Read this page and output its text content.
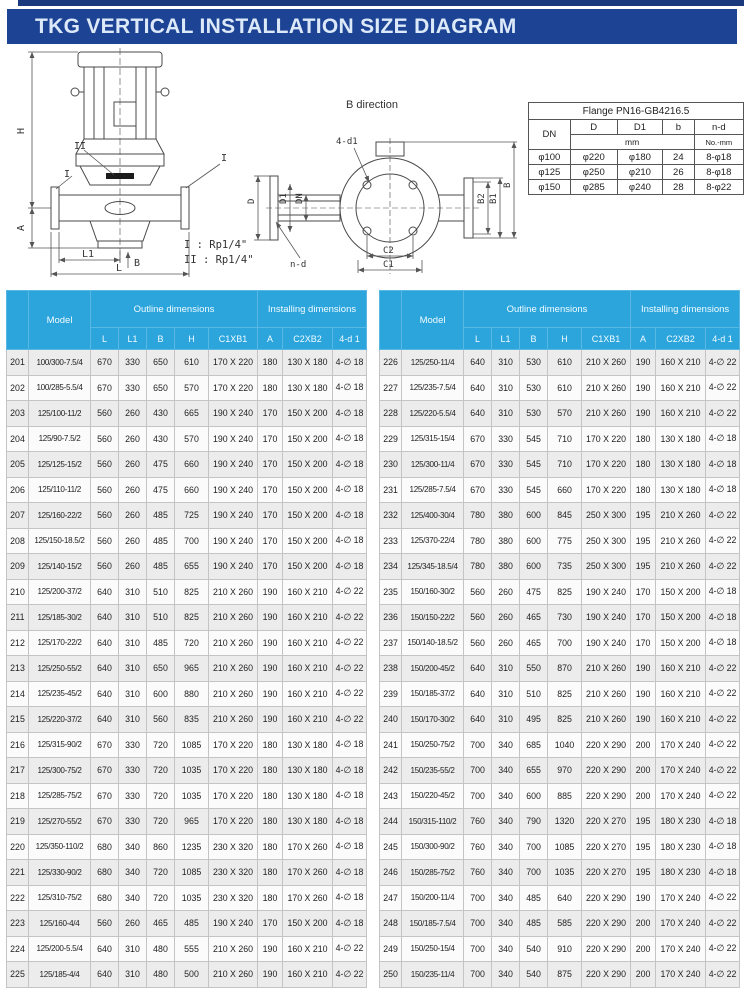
TKG VERTICAL INSTALLATION SIZE DIAGRAM
H
A
L1
L B
II
I
I
B direction
4-d1
D D1 DN
n-d
B2 B1
B
C2
C1
I : Rp1/4"
II : Rp1/4"
Flange PN16-GB4216.5				
DN	D	D1	b	n-d
	mm			No.-mm
φ100	φ220	φ180	24	8-φ18
φ125	φ250	φ210	26	8-φ18
φ150	φ285	φ240	28	8-φ22
	Model	Outline dimensions					Installing dimensions		
		L	L1	B	H	C1XB1	A	C2XB2	4-d 1
201	100/300-7.5/4	670	330	650	610	170 X 220	180	130 X 180	4-∅ 18
202	100/285-5.5/4	670	330	650	570	170 X 220	180	130 X 180	4-∅ 18
203	125/100-11/2	560	260	430	665	190 X 240	170	150 X 200	4-∅ 18
204	125/90-7.5/2	560	260	430	570	190 X 240	170	150 X 200	4-∅ 18
205	125/125-15/2	560	260	475	660	190 X 240	170	150 X 200	4-∅ 18
206	125/110-11/2	560	260	475	660	190 X 240	170	150 X 200	4-∅ 18
207	125/160-22/2	560	260	485	725	190 X 240	170	150 X 200	4-∅ 18
208	125/150-18.5/2	560	260	485	700	190 X 240	170	150 X 200	4-∅ 18
209	125/140-15/2	560	260	485	655	190 X 240	170	150 X 200	4-∅ 18
210	125/200-37/2	640	310	510	825	210 X 260	190	160 X 210	4-∅ 22
211	125/185-30/2	640	310	510	825	210 X 260	190	160 X 210	4-∅ 22
212	125/170-22/2	640	310	485	720	210 X 260	190	160 X 210	4-∅ 22
213	125/250-55/2	640	310	650	965	210 X 260	190	160 X 210	4-∅ 22
214	125/235-45/2	640	310	600	880	210 X 260	190	160 X 210	4-∅ 22
215	125/220-37/2	640	310	560	835	210 X 260	190	160 X 210	4-∅ 22
216	125/315-90/2	670	330	720	1085	170 X 220	180	130 X 180	4-∅ 18
217	125/300-75/2	670	330	720	1035	170 X 220	180	130 X 180	4-∅ 18
218	125/285-75/2	670	330	720	1035	170 X 220	180	130 X 180	4-∅ 18
219	125/270-55/2	670	330	720	965	170 X 220	180	130 X 180	4-∅ 18
220	125/350-110/2	680	340	860	1235	230 X 320	180	170 X 260	4-∅ 18
221	125/330-90/2	680	340	720	1085	230 X 320	180	170 X 260	4-∅ 18
222	125/310-75/2	680	340	720	1035	230 X 320	180	170 X 260	4-∅ 18
223	125/160-4/4	560	260	465	485	190 X 240	170	150 X 200	4-∅ 18
224	125/200-5.5/4	640	310	480	555	210 X 260	190	160 X 210	4-∅ 22
225	125/185-4/4	640	310	480	500	210 X 260	190	160 X 210	4-∅ 22
	Model	Outline dimensions					Installing dimensions		
		L	L1	B	H	C1XB1	A	C2XB2	4-d 1
226	125/250-11/4	640	310	530	610	210 X 260	190	160 X 210	4-∅ 22
227	125/235-7.5/4	640	310	530	610	210 X 260	190	160 X 210	4-∅ 22
228	125/220-5.5/4	640	310	530	570	210 X 260	190	160 X 210	4-∅ 22
229	125/315-15/4	670	330	545	710	170 X 220	180	130 X 180	4-∅ 18
230	125/300-11/4	670	330	545	710	170 X 220	180	130 X 180	4-∅ 18
231	125/285-7.5/4	670	330	545	660	170 X 220	180	130 X 180	4-∅ 18
232	125/400-30/4	780	380	600	845	250 X 300	195	210 X 260	4-∅ 22
233	125/370-22/4	780	380	600	775	250 X 300	195	210 X 260	4-∅ 22
234	125/345-18.5/4	780	380	600	735	250 X 300	195	210 X 260	4-∅ 22
235	150/160-30/2	560	260	475	825	190 X 240	170	150 X 200	4-∅ 18
236	150/150-22/2	560	260	465	730	190 X 240	170	150 X 200	4-∅ 18
237	150/140-18.5/2	560	260	465	700	190 X 240	170	150 X 200	4-∅ 18
238	150/200-45/2	640	310	550	870	210 X 260	190	160 X 210	4-∅ 22
239	150/185-37/2	640	310	510	825	210 X 260	190	160 X 210	4-∅ 22
240	150/170-30/2	640	310	495	825	210 X 260	190	160 X 210	4-∅ 22
241	150/250-75/2	700	340	685	1040	220 X 290	200	170 X 240	4-∅ 22
242	150/235-55/2	700	340	655	970	220 X 290	200	170 X 240	4-∅ 22
243	150/220-45/2	700	340	600	885	220 X 290	200	170 X 240	4-∅ 22
244	150/315-110/2	760	340	790	1320	220 X 270	195	180 X 230	4-∅ 18
245	150/300-90/2	760	340	700	1085	220 X 270	195	180 X 230	4-∅ 18
246	150/285-75/2	760	340	700	1035	220 X 270	195	180 X 230	4-∅ 18
247	150/200-11/4	700	340	485	640	220 X 290	190	170 X 240	4-∅ 22
248	150/185-7.5/4	700	340	485	585	220 X 290	200	170 X 240	4-∅ 22
249	150/250-15/4	700	340	540	910	220 X 290	200	170 X 240	4-∅ 22
250	150/235-11/4	700	340	540	875	220 X 290	200	170 X 240	4-∅ 22
